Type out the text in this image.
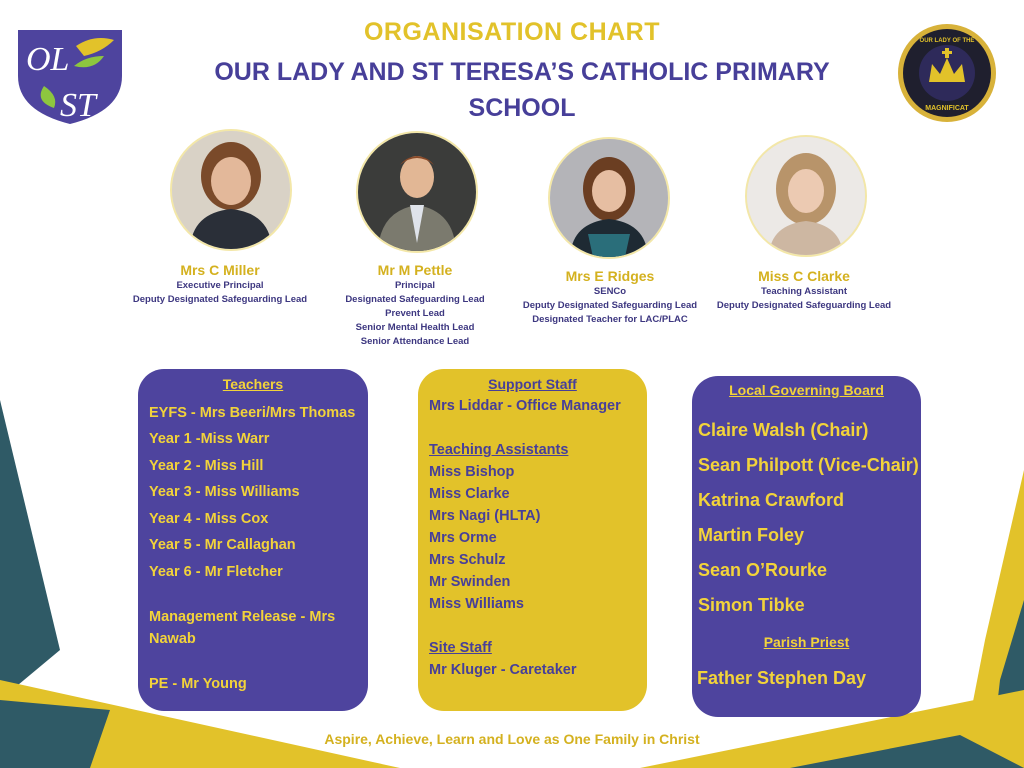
OL
ST	MAGNIFICAT
OUR LADY OF THE
ORGANISATION CHART
OUR LADY AND ST TERESA’S CATHOLIC PRIMARY SCHOOL
Mrs C Miller
Executive Principal
Deputy Designated Safeguarding Lead
Mr M Pettle
Principal
Designated Safeguarding Lead
Prevent Lead
Senior Mental Health Lead
Senior Attendance Lead
Mrs E Ridges
SENCo
Deputy Designated Safeguarding Lead
Designated Teacher for LAC/PLAC
Miss C Clarke
Teaching Assistant
Deputy Designated Safeguarding Lead
Teachers
EYFS - Mrs Beeri/Mrs Thomas
Year 1 -Miss Warr
Year 2 - Miss Hill
Year 3 - Miss Williams
Year 4 - Miss Cox
Year 5 - Mr Callaghan
Year 6 - Mr Fletcher
Management Release - Mrs
Nawab
PE - Mr Young
Support Staff
Mrs Liddar - Office Manager
Teaching Assistants
Miss Bishop
Miss Clarke
Mrs Nagi (HLTA)
Mrs Orme
Mrs Schulz
Mr Swinden
Miss Williams
Site Staff
Mr Kluger - Caretaker
Local Governing Board
Claire Walsh (Chair)
Sean Philpott (Vice-Chair)
Katrina Crawford
Martin Foley
Sean O’Rourke
Simon Tibke
Parish Priest
Father Stephen Day
Aspire, Achieve, Learn and Love as One Family in Christ
